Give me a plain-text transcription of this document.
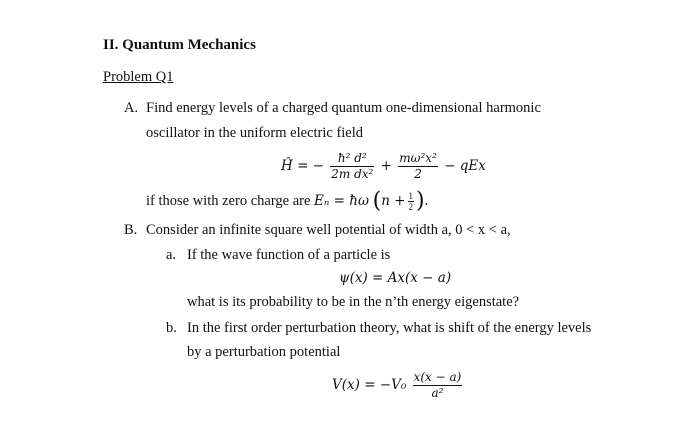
II. Quantum Mechanics
Problem Q1
A. Find energy levels of a charged quantum one-dimensional harmonic
oscillator in the uniform electric field
Ĥ = − $\frac{\text{ħ² d²}}{\text{2m dx²}} + \frac{\text{mω²x²}}{2}$ − qEx
if those with zero charge are Eₙ = ħω ($n + \frac{1}{2}$ ).
B. Consider an infinite square well potential of width a, 0 < x < a,
a. If the wave function of a particle is
ψ(x) = Ax(x − a)
what is its probability to be in the n’th energy eigenstate?
b. In the first order perturbation theory, what is shift of the energy levels
by a perturbation potential
$V(x) = -V_0 \frac{x(x - a)}{\text{a²}}$
